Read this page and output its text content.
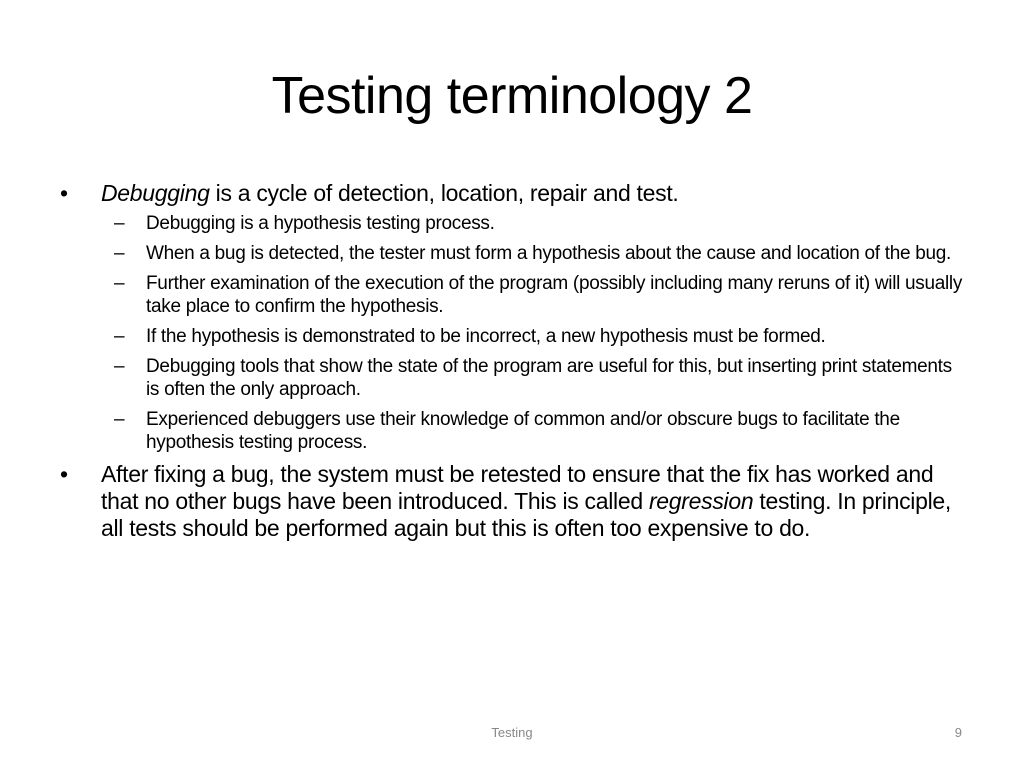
Testing terminology 2
• Debugging is a cycle of detection, location, repair and test.
– Debugging is a hypothesis testing process.
– When a bug is detected, the tester must form a hypothesis about the cause and location of the bug.
– Further examination of the execution of the program (possibly including many reruns of it) will usually take place to confirm the hypothesis.
– If the hypothesis is demonstrated to be incorrect, a new hypothesis must be formed.
– Debugging tools that show the state of the program are useful for this, but inserting print statements is often the only approach.
– Experienced debuggers use their knowledge of common and/or obscure bugs to facilitate the hypothesis testing process.
• After fixing a bug, the system must be retested to ensure that the fix has worked and that no other bugs have been introduced. This is called regression testing. In principle, all tests should be performed again but this is often too expensive to do.
Testing	9
